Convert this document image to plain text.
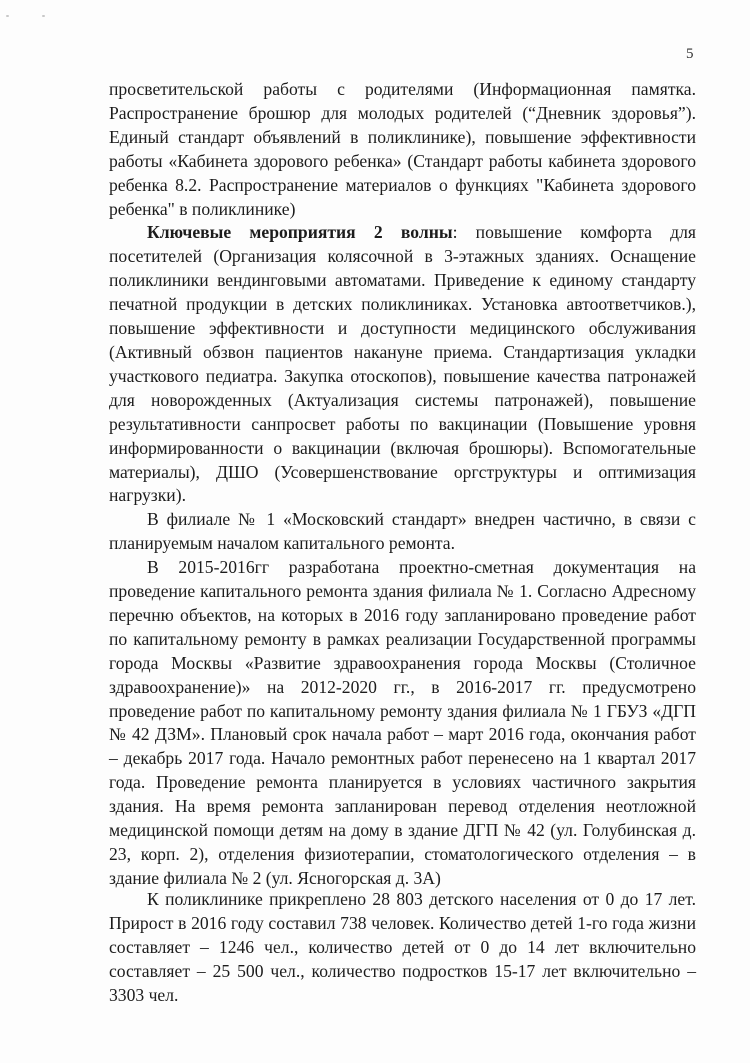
5

просветительской работы с родителями (Информационная памятка. Распространение брошюр для молодых родителей (“Дневник здоровья”). Единый стандарт объявлений в поликлинике), повышение эффективности работы «Кабинета здорового ребенка» (Стандарт работы кабинета здорового ребенка 8.2. Распространение материалов о функциях "Кабинета здорового ребенка" в поликлинике)

Ключевые мероприятия 2 волны: повышение комфорта для посетителей (Организация колясочной в 3-этажных зданиях. Оснащение поликлиники вендинговыми автоматами. Приведение к единому стандарту печатной продукции в детских поликлиниках. Установка автоответчиков.), повышение эффективности и доступности медицинского обслуживания (Активный обзвон пациентов накануне приема. Стандартизация укладки участкового педиатра. Закупка отоскопов), повышение качества патронажей для новорожденных (Актуализация системы патронажей), повышение результативности санпросвет работы по вакцинации (Повышение уровня информированности о вакцинации (включая брошюры). Вспомогательные материалы), ДШО (Усовершенствование оргструктуры и оптимизация нагрузки).

В филиале № 1 «Московский стандарт» внедрен частично, в связи с планируемым началом капитального ремонта.

В 2015-2016гг разработана проектно-сметная документация на проведение капитального ремонта здания филиала № 1. Согласно Адресному перечню объектов, на которых в 2016 году запланировано проведение работ по капитальному ремонту в рамках реализации Государственной программы города Москвы «Развитие здравоохранения города Москвы (Столичное здравоохранение)» на 2012-2020 гг., в 2016-2017 гг. предусмотрено проведение работ по капитальному ремонту здания филиала № 1 ГБУЗ «ДГП № 42 ДЗМ». Плановый срок начала работ – март 2016 года, окончания работ – декабрь 2017 года. Начало ремонтных работ перенесено на 1 квартал 2017 года. Проведение ремонта планируется в условиях частичного закрытия здания. На время ремонта запланирован перевод отделения неотложной медицинской помощи детям на дому в здание ДГП № 42 (ул. Голубинская д. 23, корп. 2), отделения физиотерапии, стоматологического отделения – в здание филиала № 2 (ул. Ясногорская д. 3А)

К поликлинике прикреплено 28 803 детского населения от 0 до 17 лет. Прирост в 2016 году составил 738 человек. Количество детей 1-го года жизни составляет – 1246 чел., количество детей от 0 до 14 лет включительно составляет – 25 500 чел., количество подростков 15-17 лет включительно – 3303 чел.
